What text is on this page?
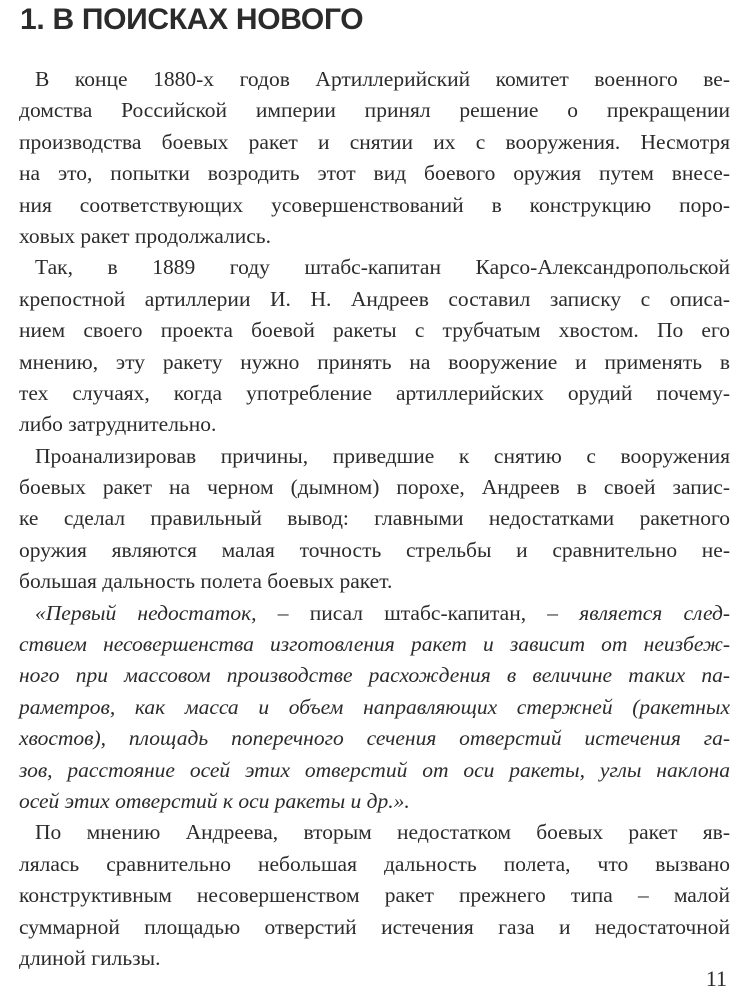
1. В ПОИСКАХ НОВОГО
В конце 1880-х годов Артиллерийский комитет военного ве-
домства Российской империи принял решение о прекращении
производства боевых ракет и снятии их с вооружения. Несмотря
на это, попытки возродить этот вид боевого оружия путем внесе-
ния соответствующих усовершенствований в конструкцию поро-
ховых ракет продолжались.
Так, в 1889 году штабс-капитан Карсо-Александропольской
крепостной артиллерии И. Н. Андреев составил записку с описа-
нием своего проекта боевой ракеты с трубчатым хвостом. По его
мнению, эту ракету нужно принять на вооружение и применять в
тех случаях, когда употребление артиллерийских орудий почему-
либо затруднительно.
Проанализировав причины, приведшие к снятию с вооружения
боевых ракет на черном (дымном) порохе, Андреев в своей запис-
ке сделал правильный вывод: главными недостатками ракетного
оружия являются малая точность стрельбы и сравнительно не-
большая дальность полета боевых ракет.
«Первый недостаток, – писал штабс-капитан, – является след-
ствием несовершенства изготовления ракет и зависит от неизбеж-
ного при массовом производстве расхождения в величине таких па-
раметров, как масса и объем направляющих стержней (ракетных
хвостов), площадь поперечного сечения отверстий истечения га-
зов, расстояние осей этих отверстий от оси ракеты, углы наклона
осей этих отверстий к оси ракеты и др.».
По мнению Андреева, вторым недостатком боевых ракет яв-
лялась сравнительно небольшая дальность полета, что вызвано
конструктивным несовершенством ракет прежнего типа – малой
суммарной площадью отверстий истечения газа и недостаточной
длиной гильзы.
11
